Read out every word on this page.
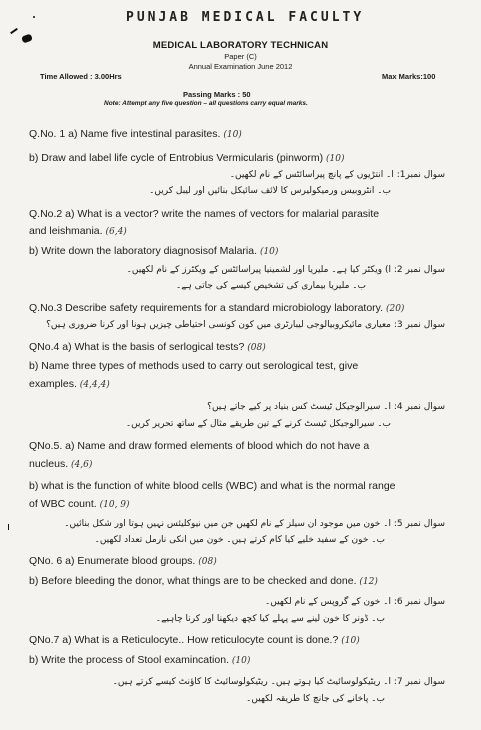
PUNJAB MEDICAL FACULTY
MEDICAL LABORATORY TECHNICAN
Paper (C)
Annual Examination June 2012
Time Allowed : 3.00Hrs	Max Marks:100
Passing Marks : 50
Note: Attempt any five question – all questions carry equal marks.
Q.No. 1 a) Name five intestinal parasites. (10)
b) Draw and label life cycle of Entrobius Vermicularis (pinworm) (10)
سوال نمبر1: ا۔ انتڑیوں کے پانچ پیراسائٹس کے نام لکھیں۔
ب۔ انٹروبیس ورمیکولیرس کا لائف سائیکل بنائیں اور لیبل کریں۔
Q.No.2 a) What is a vector? write the names of vectors for malarial parasite
and leishmania. (6,4)
b) Write down the laboratory diagnosisof Malaria. (10)
سوال نمبر 2: ا) ویکٹر کیا ہے۔ ملیریا اور لشمینیا پیراسائٹس کے ویکٹرز کے نام لکھیں۔
ب۔ ملیریا بیماری کی تشخیص کیسے کی جاتی ہے۔
Q.No.3 Describe safety requirements for a standard microbiology laboratory. (20)
سوال نمبر 3: معیاری مائیکروبیالوجی لیبارٹری میں کون کونسی احتیاطی چیزیں ہونا اور کرنا ضروری ہیں؟
QNo.4 a) What is the basis of serlogical tests? (08)
b) Name three types of methods used to carry out serological test, give
examples. (4,4,4)
سوال نمبر 4: ا۔ سیرالوجیکل ٹیسٹ کس بنیاد پر کیے جاتے ہیں؟
ب۔ سیرالوجیکل ٹیسٹ کرنے کے تین طریقے مثال کے ساتھ تحریر کریں۔
QNo.5. a) Name and draw formed elements of blood which do not have a
nucleus. (4,6)
b) what is the function of white blood cells (WBC) and what is the normal range
of WBC count. (10, 9)
سوال نمبر 5: ا۔ خون میں موجود ان سیلز کے نام لکھیں جن میں نیوکلیئس نہیں ہوتا اور شکل بنائیں۔
ب۔ خون کے سفید خلیے کیا کام کرتے ہیں۔ خون میں انکی نارمل تعداد لکھیں۔
QNo. 6 a) Enumerate blood groups. (08)
b) Before bleeding the donor, what things are to be checked and done. (12)
سوال نمبر 6: ا۔ خون کے گروپس کے نام لکھیں۔
ب۔ ڈونر کا خون لینے سے پہلے کیا کچھ دیکھنا اور کرنا چاہیے۔
QNo.7 a) What is a Reticulocyte.. How reticulocyte count is done.? (10)
b) Write the process of Stool examincation. (10)
سوال نمبر 7: ا۔ ریٹیکولوسائیٹ کیا ہوتے ہیں۔ ریٹیکولوسائیٹ کا کاؤنٹ کیسے کرتے ہیں۔
ب۔ پاخانے کی جانچ کا طریقہ لکھیں۔
